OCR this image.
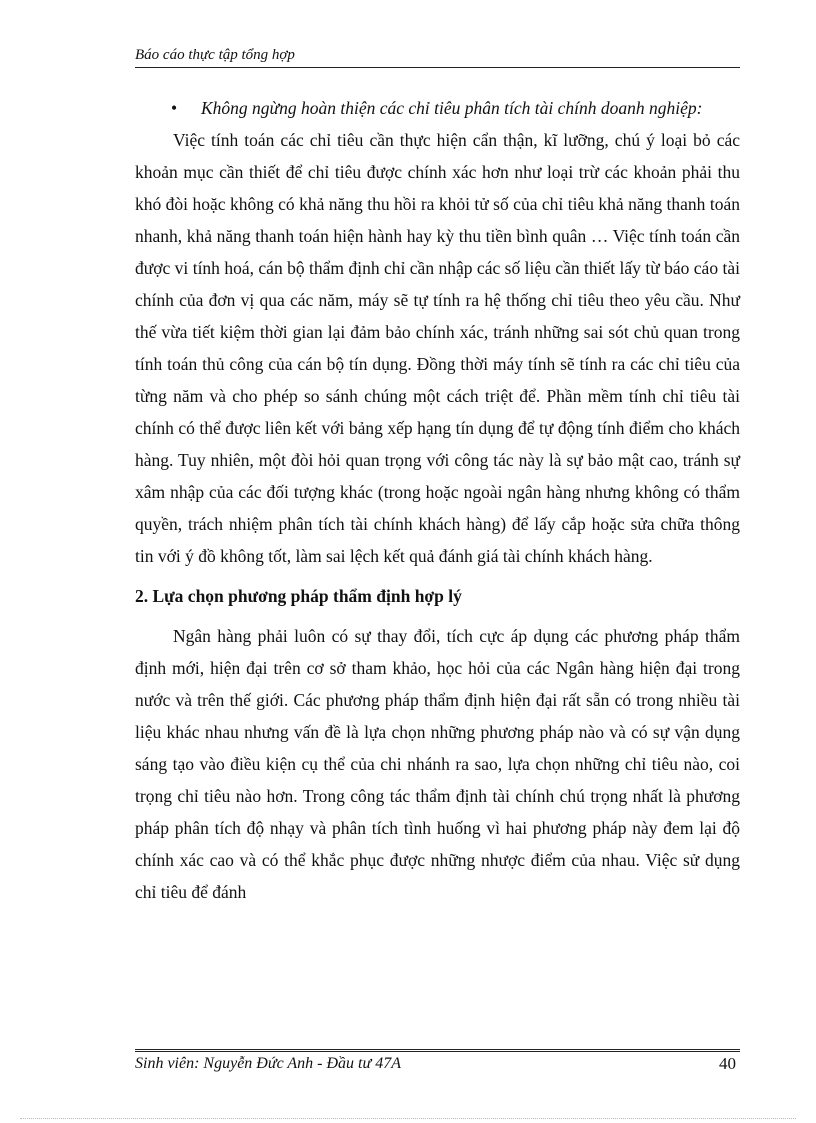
Báo cáo thực tập tổng hợp

• Không ngừng hoàn thiện các chỉ tiêu phân tích tài chính doanh nghiệp:

Việc tính toán các chỉ tiêu cần thực hiện cẩn thận, kĩ lưỡng, chú ý loại bỏ các khoản mục cần thiết để chỉ tiêu được chính xác hơn như loại trừ các khoản phải thu khó đòi hoặc không có khả năng thu hồi ra khỏi tử số của chỉ tiêu khả năng thanh toán nhanh, khả năng thanh toán hiện hành hay kỳ thu tiền bình quân … Việc tính toán cần được vi tính hoá, cán bộ thẩm định chỉ cần nhập các số liệu cần thiết lấy từ báo cáo tài chính của đơn vị qua các năm, máy sẽ tự tính ra hệ thống chỉ tiêu theo yêu cầu. Như thế vừa tiết kiệm thời gian lại đảm bảo chính xác, tránh những sai sót chủ quan trong tính toán thủ công của cán bộ tín dụng. Đồng thời máy tính sẽ tính ra các chỉ tiêu của từng năm và cho phép so sánh chúng một cách triệt để. Phần mềm tính chỉ tiêu tài chính có thể được liên kết với bảng xếp hạng tín dụng để tự động tính điểm cho khách hàng. Tuy nhiên, một đòi hỏi quan trọng với công tác này là sự bảo mật cao, tránh sự xâm nhập của các đối tượng khác (trong hoặc ngoài ngân hàng nhưng không có thẩm quyền, trách nhiệm phân tích tài chính khách hàng) để lấy cắp hoặc sửa chữa thông tin với ý đồ không tốt, làm sai lệch kết quả đánh giá tài chính khách hàng.

2. Lựa chọn phương pháp thẩm định hợp lý

Ngân hàng phải luôn có sự thay đổi, tích cực áp dụng các phương pháp thẩm định mới, hiện đại trên cơ sở tham khảo, học hỏi của các Ngân hàng hiện đại trong nước và trên thế giới. Các phương pháp thẩm định hiện đại rất sẵn có trong nhiều tài liệu khác nhau nhưng vấn đề là lựa chọn những phương pháp nào và có sự vận dụng sáng tạo vào điều kiện cụ thể của chi nhánh ra sao, lựa chọn những chỉ tiêu nào, coi trọng chỉ tiêu nào hơn. Trong công tác thẩm định tài chính chú trọng nhất là phương pháp phân tích độ nhạy và phân tích tình huống vì hai phương pháp này đem lại độ chính xác cao và có thể khắc phục được những nhược điểm của nhau. Việc sử dụng chỉ tiêu để đánh

Sinh viên: Nguyễn Đức Anh - Đầu tư 47A	40
